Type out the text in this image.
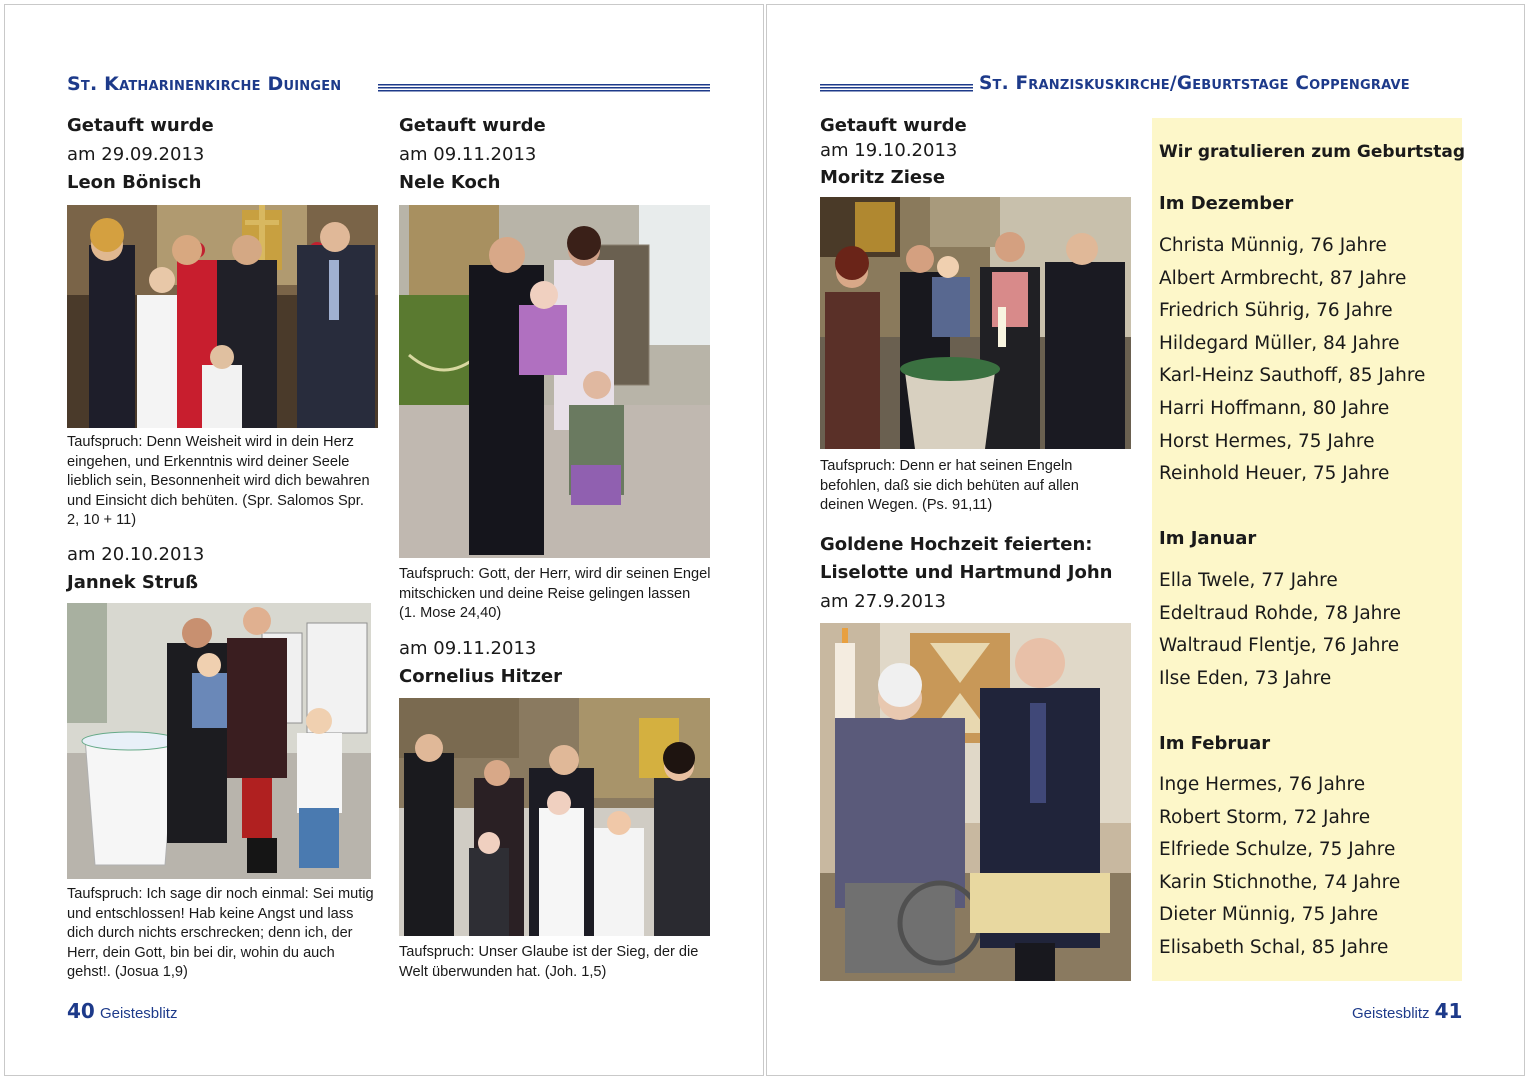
St. Katharinenkirche Duingen
Getauft wurde
am 29.09.2013
Leon Bönisch
Taufspruch: Denn Weisheit wird in dein Herz eingehen, und Erkenntnis wird deiner Seele lieblich sein, Besonnenheit wird dich bewahren und Einsicht dich behüten. (Spr. Salomos Spr. 2, 10 + 11)
am 20.10.2013
Jannek Struß
Taufspruch: Ich sage dir noch einmal: Sei mutig und entschlossen! Hab keine Angst und lass dich durch nichts erschrecken; denn ich, der Herr, dein Gott, bin bei dir, wohin du auch gehst!. (Josua 1,9)
Getauft wurde
am 09.11.2013
Nele Koch
Taufspruch: Gott, der Herr, wird dir seinen Engel mitschicken und deine Reise gelingen lassen (1. Mose 24,40)
am 09.11.2013
Cornelius Hitzer
Taufspruch: Unser Glaube ist der Sieg, der die Welt überwunden hat. (Joh. 1,5)
40 Geistesblitz
St. Franziskuskirche/Geburtstage Coppengrave
Getauft wurde
am 19.10.2013
Moritz Ziese
Taufspruch: Denn er hat seinen Engeln befohlen, daß sie dich behüten auf allen deinen Wegen. (Ps. 91,11)
Goldene Hochzeit feierten:
Liselotte und Hartmund John
am 27.9.2013
Wir gratulieren zum Geburtstag
Im Dezember
Christa Münnig, 76 Jahre
Albert Armbrecht, 87 Jahre
Friedrich Sührig, 76 Jahre
Hildegard Müller, 84 Jahre
Karl-Heinz Sauthoff, 85 Jahre
Harri Hoffmann, 80 Jahre
Horst Hermes, 75 Jahre
Reinhold Heuer, 75 Jahre
Im Januar
Ella Twele, 77 Jahre
Edeltraud Rohde, 78 Jahre
Waltraud Flentje, 76 Jahre
Ilse Eden, 73 Jahre
Im Februar
Inge Hermes, 76 Jahre
Robert Storm, 72 Jahre
Elfriede Schulze, 75 Jahre
Karin Stichnothe, 74 Jahre
Dieter Münnig, 75 Jahre
Elisabeth Schal, 85 Jahre
Geistesblitz 41
